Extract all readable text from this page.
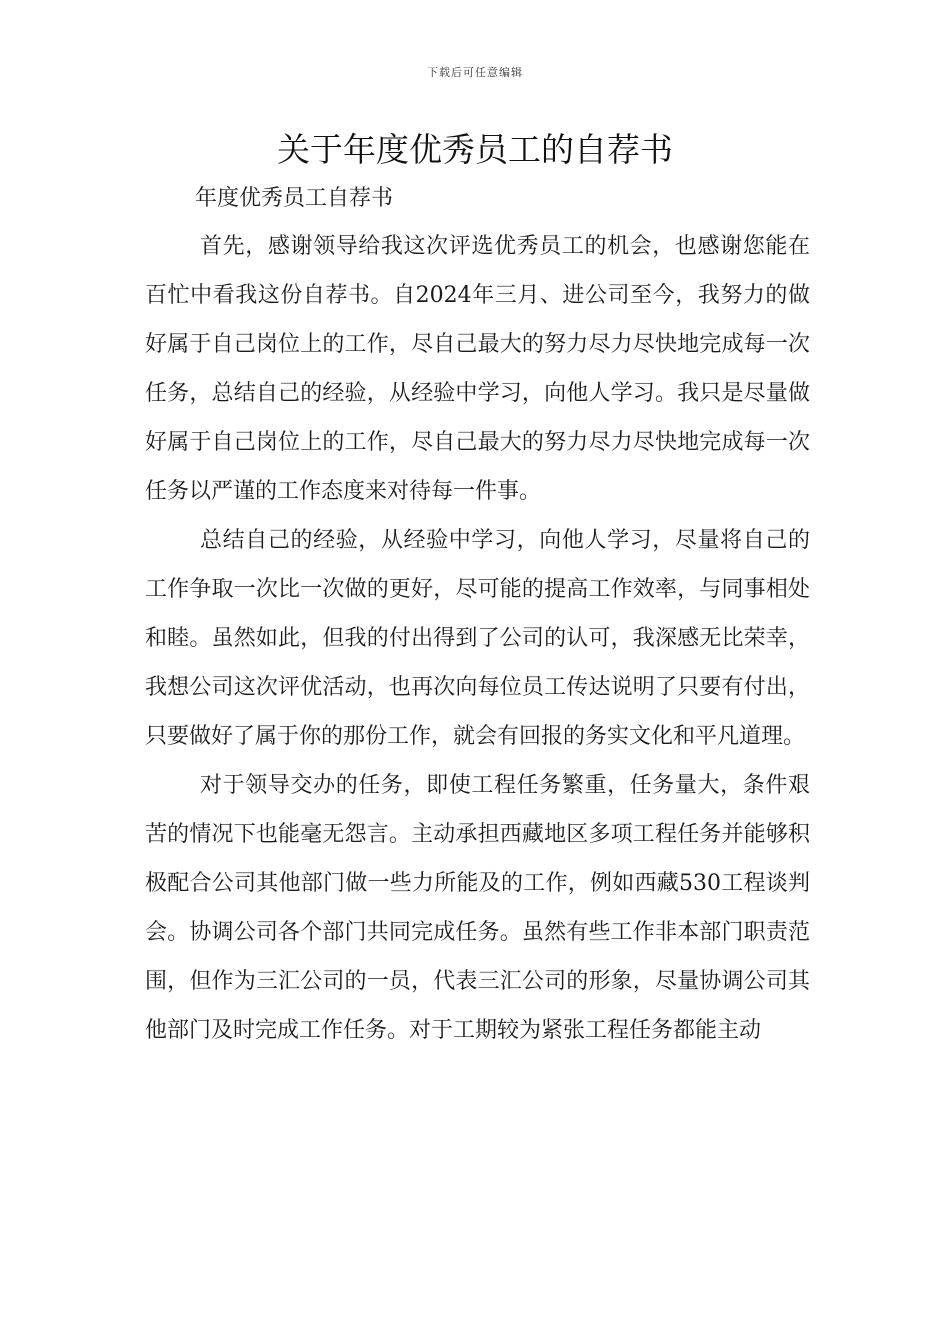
下载后可任意编辑
关于年度优秀员工的自荐书

年度优秀员工自荐书

首先，感谢领导给我这次评选优秀员工的机会，也感谢您能在百忙中看我这份自荐书。自2024年三月、进公司至今，我努力的做好属于自己岗位上的工作，尽自己最大的努力尽力尽快地完成每一次任务，总结自己的经验，从经验中学习，向他人学习。我只是尽量做好属于自己岗位上的工作，尽自己最大的努力尽力尽快地完成每一次任务以严谨的工作态度来对待每一件事。

总结自己的经验，从经验中学习，向他人学习，尽量将自己的工作争取一次比一次做的更好，尽可能的提高工作效率，与同事相处和睦。虽然如此，但我的付出得到了公司的认可，我深感无比荣幸，我想公司这次评优活动，也再次向每位员工传达说明了只要有付出，只要做好了属于你的那份工作，就会有回报的务实文化和平凡道理。

对于领导交办的任务，即使工程任务繁重，任务量大，条件艰苦的情况下也能毫无怨言。主动承担西藏地区多项工程任务并能够积极配合公司其他部门做一些力所能及的工作，例如西藏530工程谈判会。协调公司各个部门共同完成任务。虽然有些工作非本部门职责范围，但作为三汇公司的一员，代表三汇公司的形象，尽量协调公司其他部门及时完成工作任务。对于工期较为紧张工程任务都能主动
